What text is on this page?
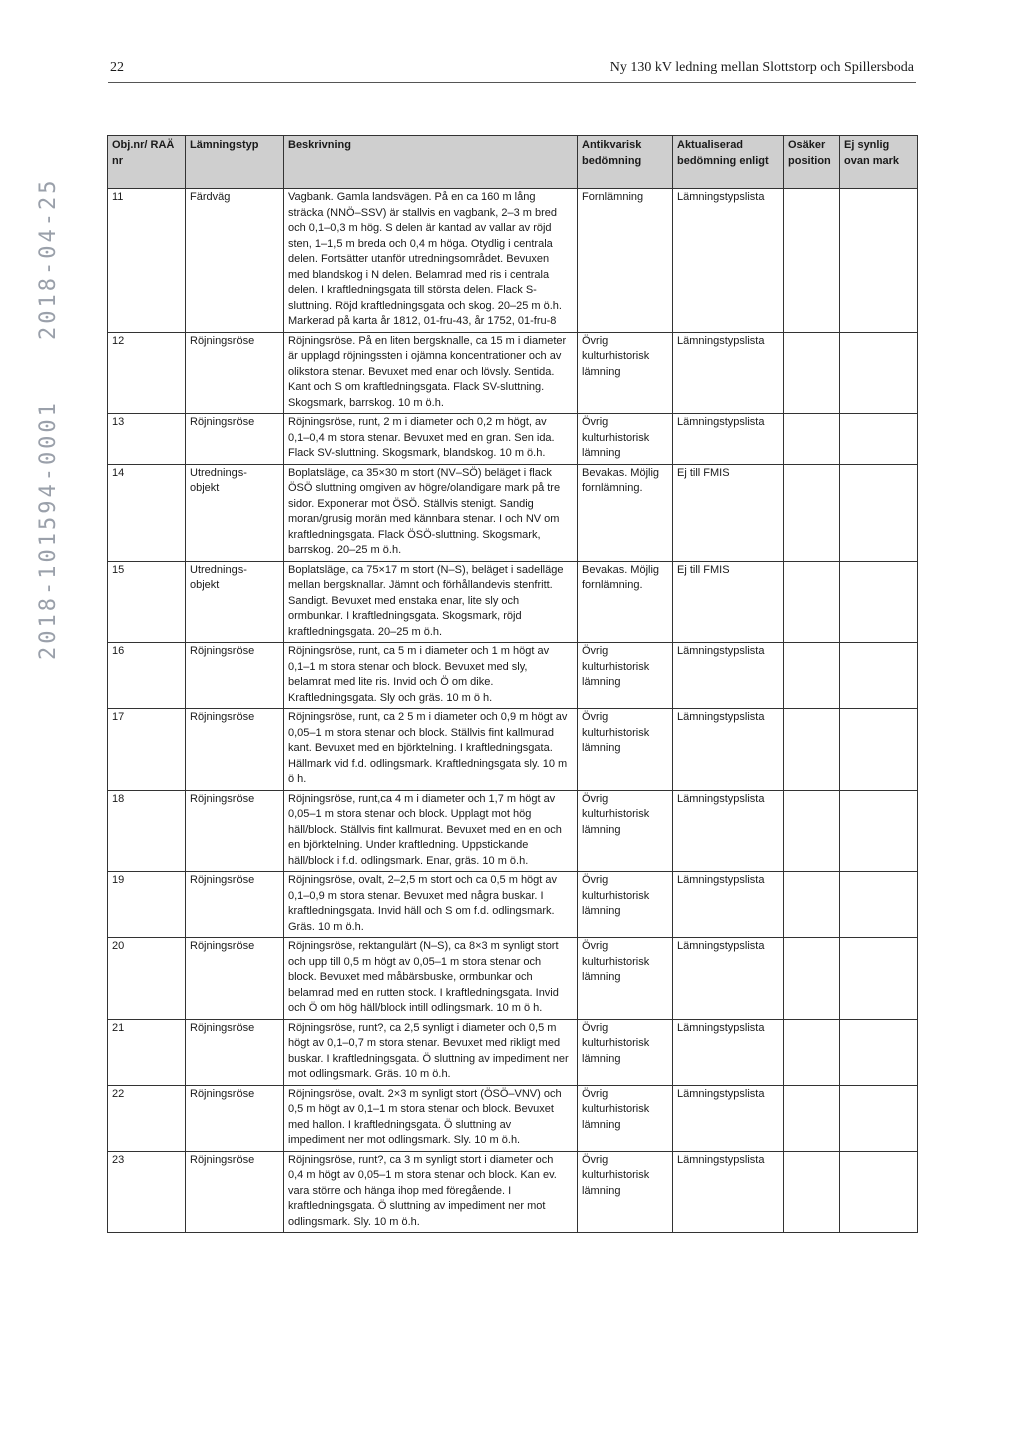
22	Ny 130 kV ledning mellan Slottstorp och Spillersboda
2018-04-25
2018-101594-0001
Obj.nr/ RAÄ nr	Lämningstyp	Beskrivning	Antikvarisk bedömning	Aktualiserad bedömning enligt	Osäker position	Ej synlig ovan mark
11	Färdväg	Vagbank. Gamla landsvägen. På en ca 160 m lång sträcka (NNÖ–SSV) är stallvis en vagbank, 2–3 m bred och 0,1–0,3 m hög. S delen är kantad av vallar av röjd sten, 1–1,5 m breda och 0,4 m höga. Otydlig i centrala delen. Fortsätter utanför utredningsområdet. Bevuxen med blandskog i N delen. Belamrad med ris i centrala delen. I kraftledningsgata till största delen. Flack S-sluttning. Röjd kraftledningsgata och skog. 20–25 m ö.h. Markerad på karta år 1812, 01-fru-43, år 1752, 01-fru-8	Fornlämning	Lämningstypslista		
12	Röjningsröse	Röjningsröse. På en liten bergsknalle, ca 15 m i diameter är upplagd röjningssten i ojämna koncentrationer och av olikstora stenar. Bevuxet med enar och lövsly. Sentida. Kant och S om kraftledningsgata. Flack SV-sluttning. Skogsmark, barrskog. 10 m ö.h.	Övrig kulturhistorisk lämning	Lämningstypslista		
13	Röjningsröse	Röjningsröse, runt, 2 m i diameter och 0,2 m högt, av 0,1–0,4 m stora stenar. Bevuxet med en gran. Sen ida. Flack SV-sluttning. Skogsmark, blandskog. 10 m ö.h.	Övrig kulturhistorisk lämning	Lämningstypslista		
14	Utrednings- objekt	Boplatsläge, ca 35×30 m stort (NV–SÖ) beläget i flack ÖSÖ sluttning omgiven av högre/olandigare mark på tre sidor. Exponerar mot ÖSÖ. Ställvis stenigt. Sandig moran/grusig morän med kännbara stenar. I och NV om kraftledningsgata. Flack ÖSÖ-sluttning. Skogsmark, barrskog. 20–25 m ö.h.	Bevakas. Möjlig fornlämning.	Ej till FMIS		
15	Utrednings- objekt	Boplatsläge, ca 75×17 m stort (N–S), beläget i sadelläge mellan bergsknallar. Jämnt och förhållandevis stenfritt. Sandigt. Bevuxet med enstaka enar, lite sly och ormbunkar. I kraftledningsgata. Skogsmark, röjd kraftledningsgata. 20–25 m ö.h.	Bevakas. Möjlig fornlämning.	Ej till FMIS		
16	Röjningsröse	Röjningsröse, runt, ca 5 m i diameter och 1 m högt av 0,1–1 m stora stenar och block. Bevuxet med sly, belamrat med lite ris. Invid och Ö om dike. Kraftledningsgata. Sly och gräs. 10 m ö h.	Övrig kulturhistorisk lämning	Lämningstypslista		
17	Röjningsröse	Röjningsröse, runt, ca 2 5 m i diameter och 0,9 m högt av 0,05–1 m stora stenar och block. Ställvis fint kallmurad kant. Bevuxet med en björktelning. I kraftledningsgata. Hällmark vid f.d. odlingsmark. Kraftledningsgata sly. 10 m ö h.	Övrig kulturhistorisk lämning	Lämningstypslista		
18	Röjningsröse	Röjningsröse, runt,ca 4 m i diameter och 1,7 m högt av 0,05–1 m stora stenar och block. Upplagt mot hög häll/block. Ställvis fint kallmurat. Bevuxet med en en och en björktelning. Under kraftledning. Uppstickande häll/block i f.d. odlingsmark. Enar, gräs. 10 m ö.h.	Övrig kulturhistorisk lämning	Lämningstypslista		
19	Röjningsröse	Röjningsröse, ovalt, 2–2,5 m stort och ca 0,5 m högt av 0,1–0,9 m stora stenar. Bevuxet med några buskar. I kraftledningsgata. Invid häll och S om f.d. odlingsmark. Gräs. 10 m ö.h.	Övrig kulturhistorisk lämning	Lämningstypslista		
20	Röjningsröse	Röjningsröse, rektangulärt (N–S), ca 8×3 m synligt stort och upp till 0,5 m högt av 0,05–1 m stora stenar och block. Bevuxet med måbärsbuske, ormbunkar och belamrad med en rutten stock. I kraftledningsgata. Invid och Ö om hög häll/block intill odlingsmark. 10 m ö h.	Övrig kulturhistorisk lämning	Lämningstypslista		
21	Röjningsröse	Röjningsröse, runt?, ca 2,5 synligt i diameter och 0,5 m högt av 0,1–0,7 m stora stenar. Bevuxet med rikligt med buskar. I kraftledningsgata. Ö sluttning av impediment ner mot odlingsmark. Gräs. 10 m ö.h.	Övrig kulturhistorisk lämning	Lämningstypslista		
22	Röjningsröse	Röjningsröse, ovalt. 2×3 m synligt stort (ÖSÖ–VNV) och 0,5 m högt av 0,1–1 m stora stenar och block. Bevuxet med hallon. I kraftledningsgata. Ö sluttning av impediment ner mot odlingsmark. Sly. 10 m ö.h.	Övrig kulturhistorisk lämning	Lämningstypslista		
23	Röjningsröse	Röjningsröse, runt?, ca 3 m synligt stort i diameter och 0,4 m högt av 0,05–1 m stora stenar och block. Kan ev. vara större och hänga ihop med föregående. I kraftledningsgata. Ö sluttning av impediment ner mot odlingsmark. Sly. 10 m ö.h.	Övrig kulturhistorisk lämning	Lämningstypslista		
